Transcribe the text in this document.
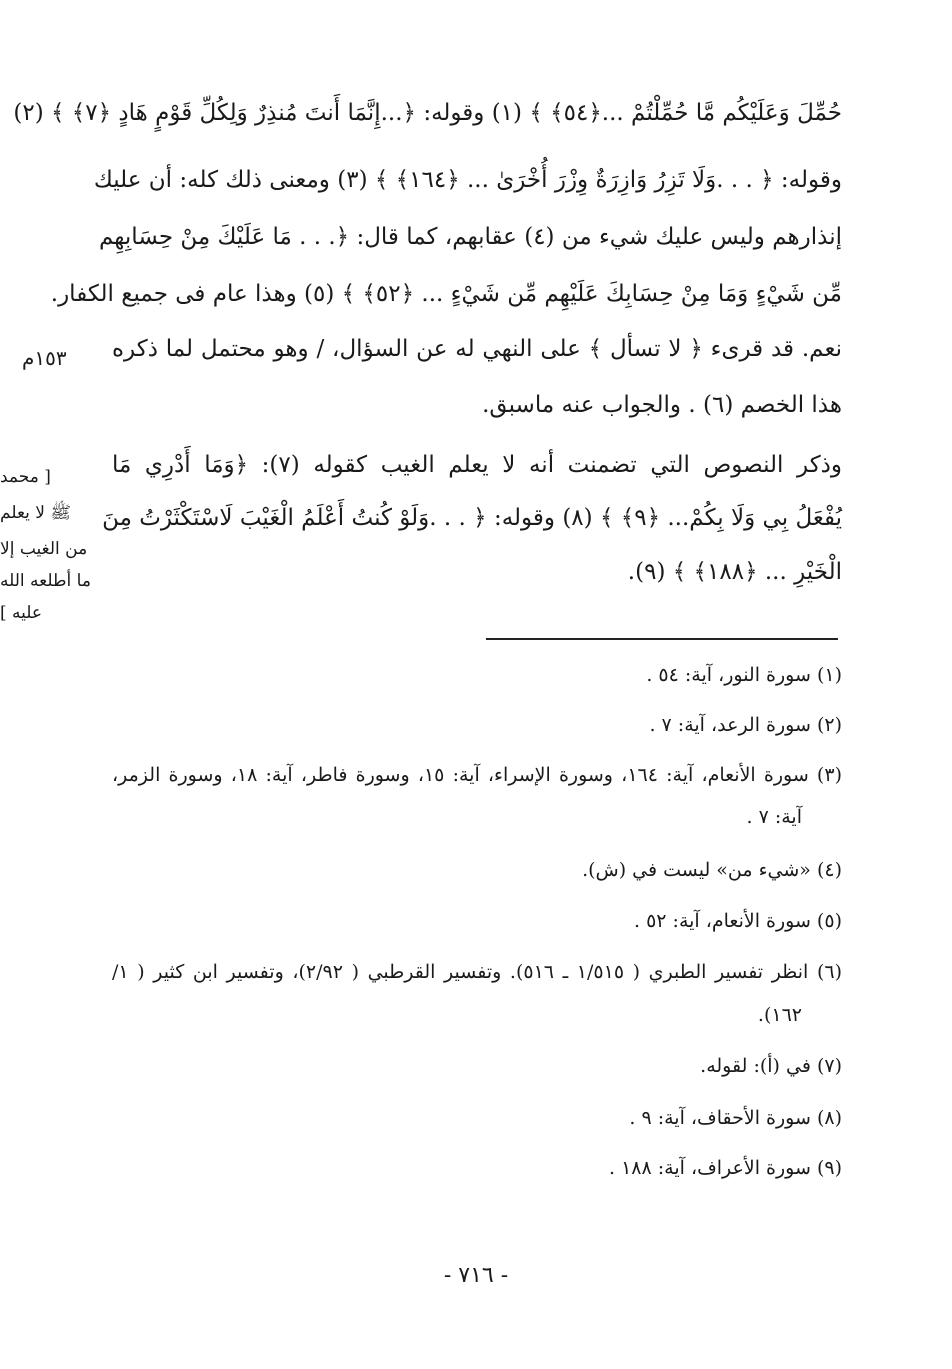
حُمِّلَ وَعَلَيْكُم مَّا حُمِّلْتُمْ ...﴿٥٤﴾ ﴾ (١) وقوله: ﴿...إِنَّمَا أَنتَ مُنذِرٌ وَلِكُلِّ قَوْمٍ هَادٍ ﴿٧﴾ ﴾ (٢)
وقوله: ﴿ . . .وَلَا تَزِرُ وَازِرَةٌ وِزْرَ أُخْرَىٰ ... ﴿١٦٤﴾ ﴾ (٣) ومعنى ذلك كله: أن عليك
إنذارهم وليس عليك شيء من (٤) عقابهم، كما قال: ﴿. . . مَا عَلَيْكَ مِنْ حِسَابِهِم
مِّن شَيْءٍ وَمَا مِنْ حِسَابِكَ عَلَيْهِم مِّن شَيْءٍ ... ﴿٥٢﴾ ﴾ (٥) وهذا عام فى جميع الكفار.
نعم. قد قرىء ﴿ لا تسأل ﴾ على النهي له عن السؤال، / وهو محتمل لما ذكره
هذا الخصم (٦) . والجواب عنه ماسبق.
وذكر النصوص التي تضمنت أنه لا يعلم الغيب كقوله (٧): ﴿وَمَا أَدْرِي مَا
يُفْعَلُ بِي وَلَا بِكُمْ... ﴿٩﴾ ﴾ (٨) وقوله: ﴿ . . .وَلَوْ كُنتُ أَعْلَمُ الْغَيْبَ لَاسْتَكْثَرْتُ مِنَ
الْخَيْرِ ... ﴿١٨٨﴾ ﴾ (٩).
١٥٣م
[ محمد
ﷺ لا يعلم
من الغيب إلا
ما أطلعه الله
عليه ]
(١) سورة النور، آية: ٥٤ .
(٢) سورة الرعد، آية: ٧ .
(٣) سورة الأنعام، آية: ١٦٤، وسورة الإسراء، آية: ١٥، وسورة فاطر، آية: ١٨، وسورة الزمر،
آية: ٧ .
(٤) «شيء من» ليست في (ش).
(٥) سورة الأنعام، آية: ٥٢ .
(٦) انظر تفسير الطبري ( ١/٥١٥ ـ ٥١٦). وتفسير القرطبي ( ٢/٩٢)، وتفسير ابن كثير ( ١/
١٦٢).
(٧) في (أ): لقوله.
(٨) سورة الأحقاف، آية: ٩ .
(٩) سورة الأعراف، آية: ١٨٨ .
- ٧١٦ -
